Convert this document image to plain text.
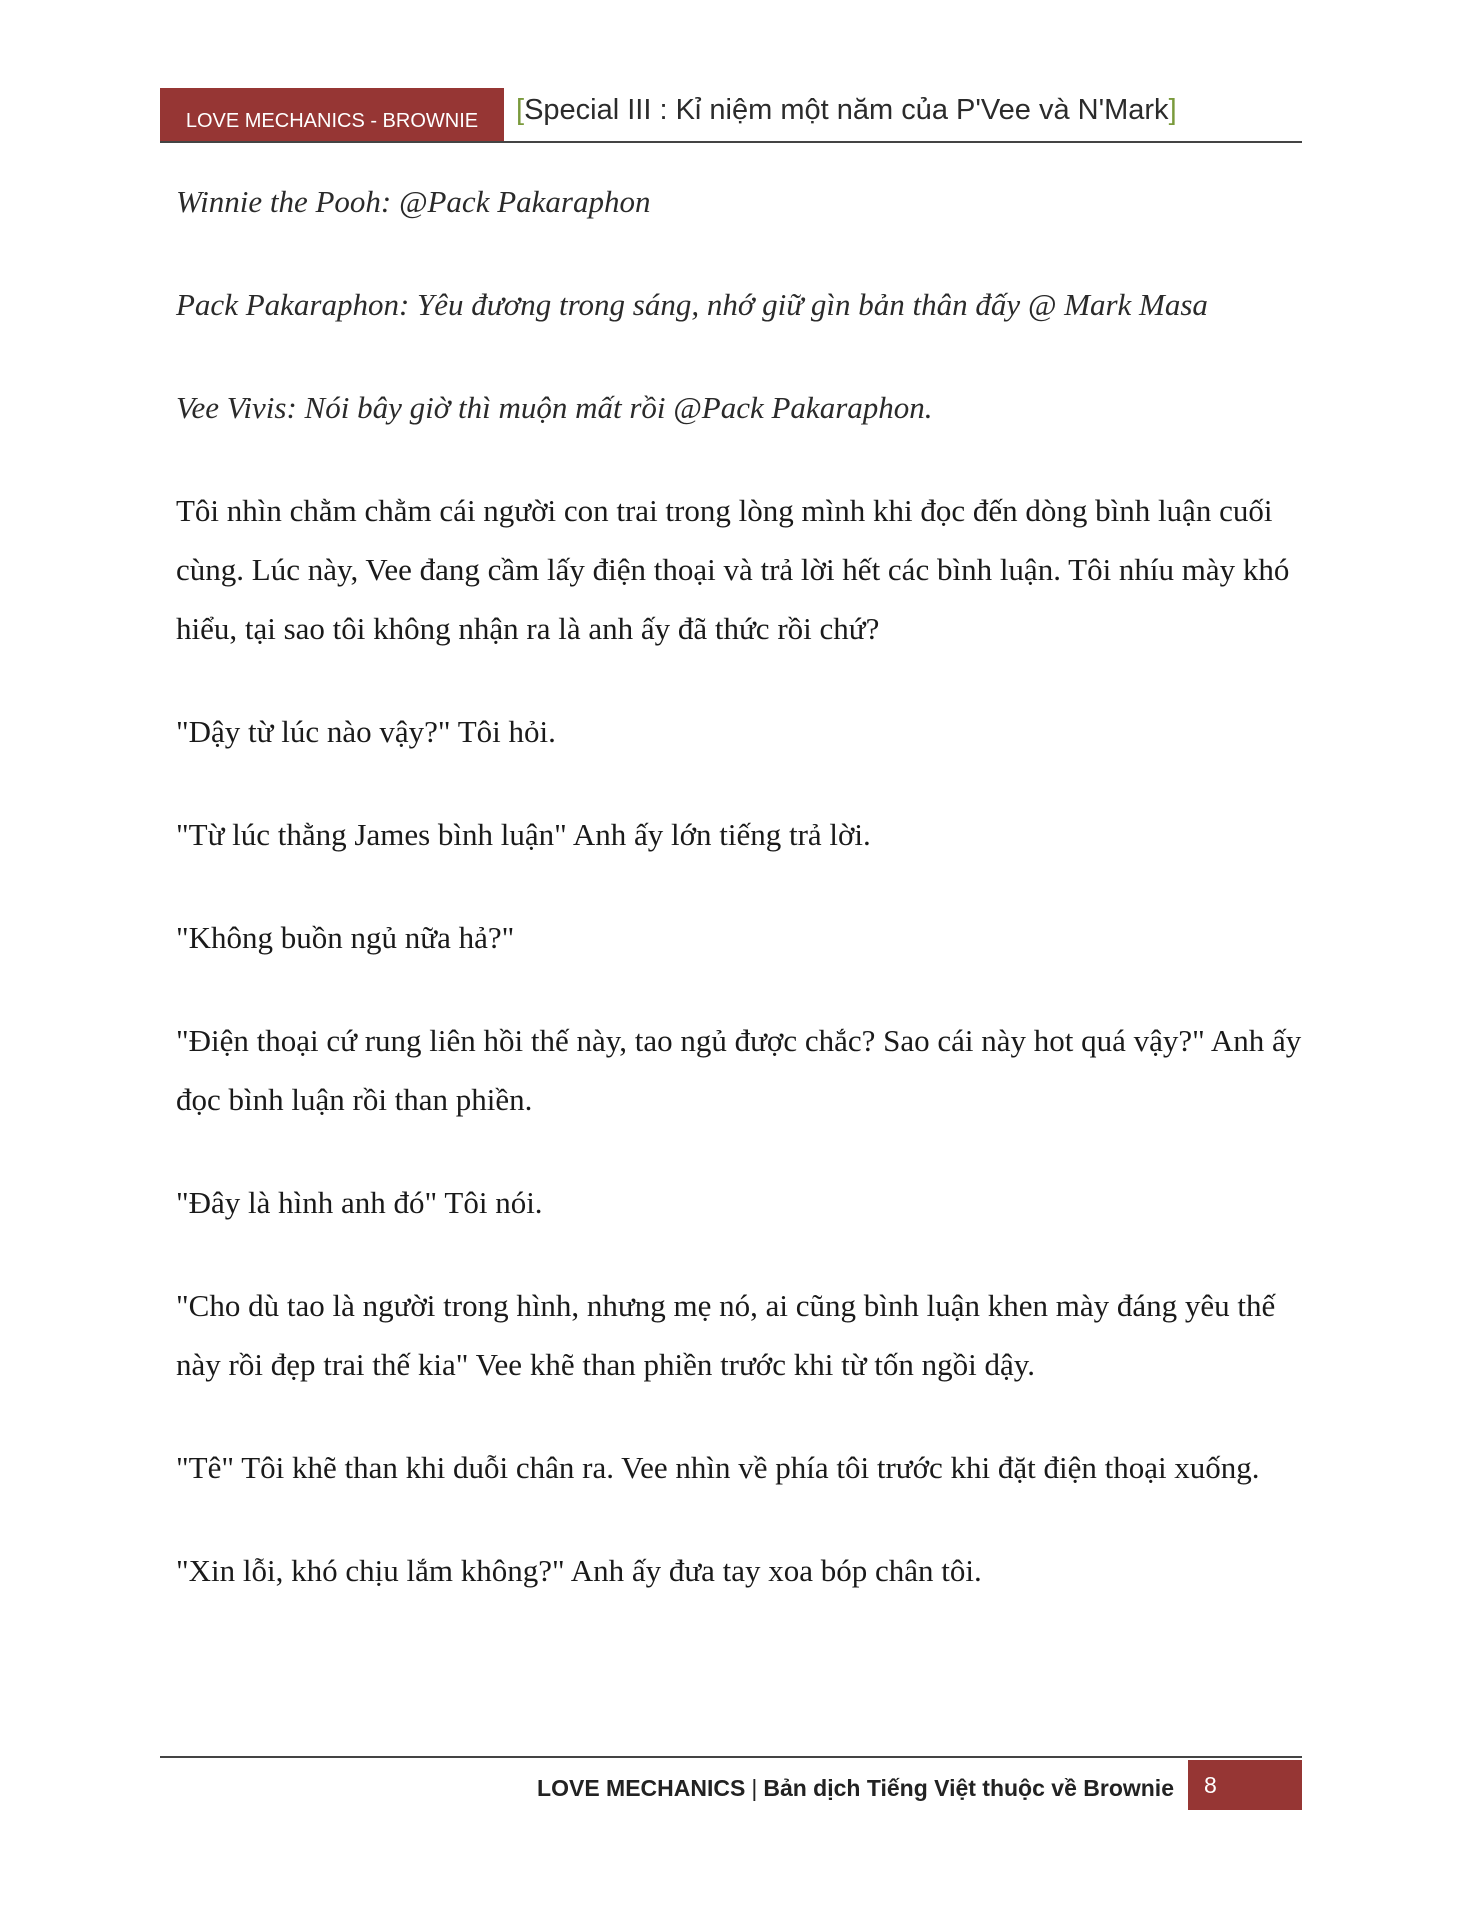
LOVE MECHANICS - BROWNIE	[Special III : Kỉ niệm một năm của P'Vee và N'Mark]

Winnie the Pooh: @Pack Pakaraphon

Pack Pakaraphon: Yêu đương trong sáng, nhớ giữ gìn bản thân đấy @ Mark Masa

Vee Vivis: Nói bây giờ thì muộn mất rồi @Pack Pakaraphon.

Tôi nhìn chằm chằm cái người con trai trong lòng mình khi đọc đến dòng bình luận cuối cùng. Lúc này, Vee đang cầm lấy điện thoại và trả lời hết các bình luận. Tôi nhíu mày khó hiểu, tại sao tôi không nhận ra là anh ấy đã thức rồi chứ?

"Dậy từ lúc nào vậy?" Tôi hỏi.

"Từ lúc thằng James bình luận" Anh ấy lớn tiếng trả lời.

"Không buồn ngủ nữa hả?"

"Điện thoại cứ rung liên hồi thế này, tao ngủ được chắc? Sao cái này hot quá vậy?" Anh ấy đọc bình luận rồi than phiền.

"Đây là hình anh đó" Tôi nói.

"Cho dù tao là người trong hình, nhưng mẹ nó, ai cũng bình luận khen mày đáng yêu thế này rồi đẹp trai thế kia" Vee khẽ than phiền trước khi từ tốn ngồi dậy.

"Tê" Tôi khẽ than khi duỗi chân ra. Vee nhìn về phía tôi trước khi đặt điện thoại xuống.

"Xin lỗi, khó chịu lắm không?" Anh ấy đưa tay xoa bóp chân tôi.

LOVE MECHANICS | Bản dịch Tiếng Việt thuộc về Brownie	8
